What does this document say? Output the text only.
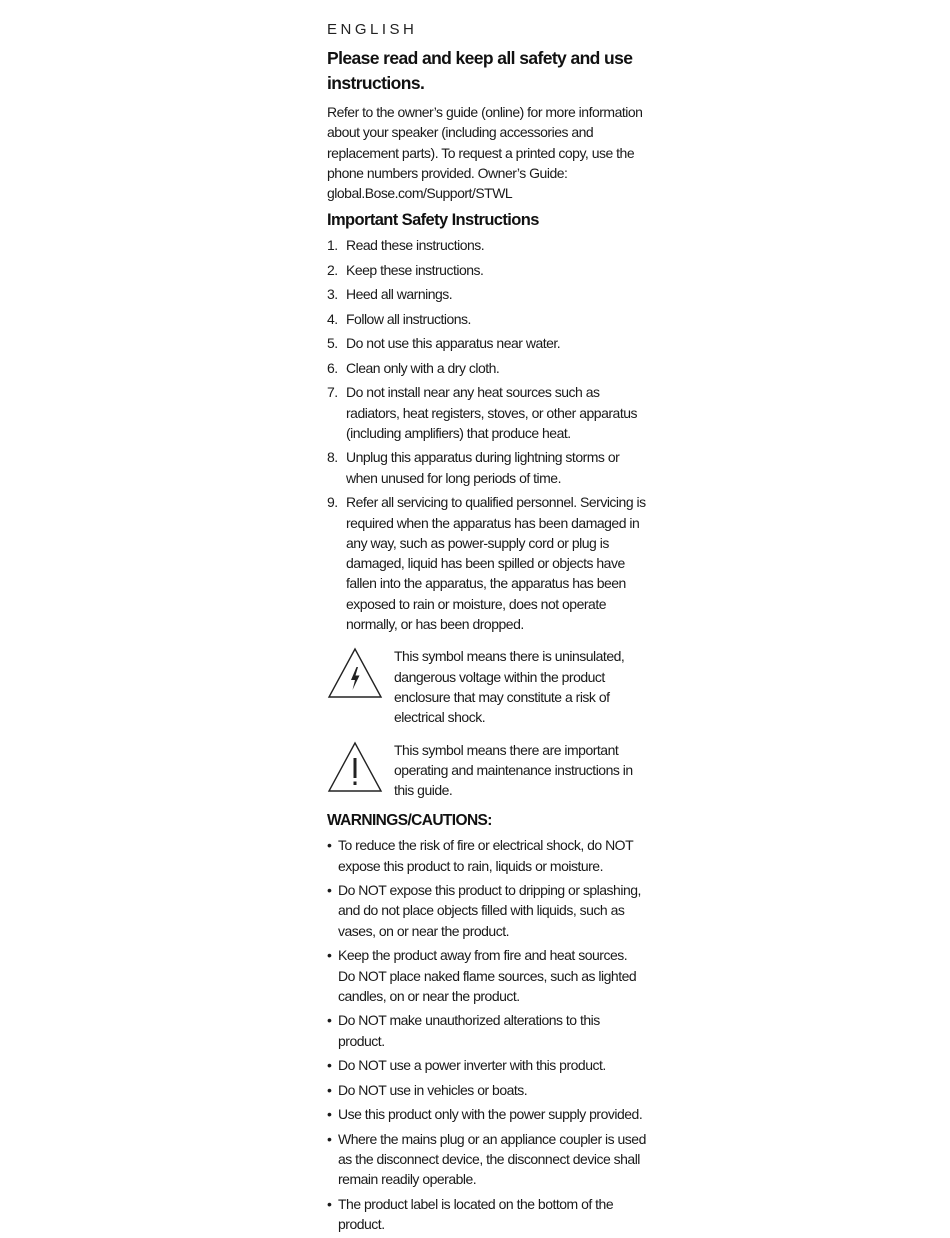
ENGLISH
Please read and keep all safety and use instructions.
Refer to the owner’s guide (online) for more information about your speaker (including accessories and replacement parts). To request a printed copy, use the phone numbers provided. Owner’s Guide: global.Bose.com/Support/STWL
Important Safety Instructions
1. Read these instructions.
2. Keep these instructions.
3. Heed all warnings.
4. Follow all instructions.
5. Do not use this apparatus near water.
6. Clean only with a dry cloth.
7. Do not install near any heat sources such as radiators, heat registers, stoves, or other apparatus (including amplifiers) that produce heat.
8. Unplug this apparatus during lightning storms or when unused for long periods of time.
9. Refer all servicing to qualified personnel. Servicing is required when the apparatus has been damaged in any way, such as power-supply cord or plug is damaged, liquid has been spilled or objects have fallen into the apparatus, the apparatus has been exposed to rain or moisture, does not operate normally, or has been dropped.
This symbol means there is uninsulated, dangerous voltage within the product enclosure that may constitute a risk of electrical shock.
This symbol means there are important operating and maintenance instructions in this guide.
WARNINGS/CAUTIONS:
• To reduce the risk of fire or electrical shock, do NOT expose this product to rain, liquids or moisture.
• Do NOT expose this product to dripping or splashing, and do not place objects filled with liquids, such as vases, on or near the product.
• Keep the product away from fire and heat sources. Do NOT place naked flame sources, such as lighted candles, on or near the product.
• Do NOT make unauthorized alterations to this product.
• Do NOT use a power inverter with this product.
• Do NOT use in vehicles or boats.
• Use this product only with the power supply provided.
• Where the mains plug or an appliance coupler is used as the disconnect device, the disconnect device shall remain readily operable.
• The product label is located on the bottom of the product.
